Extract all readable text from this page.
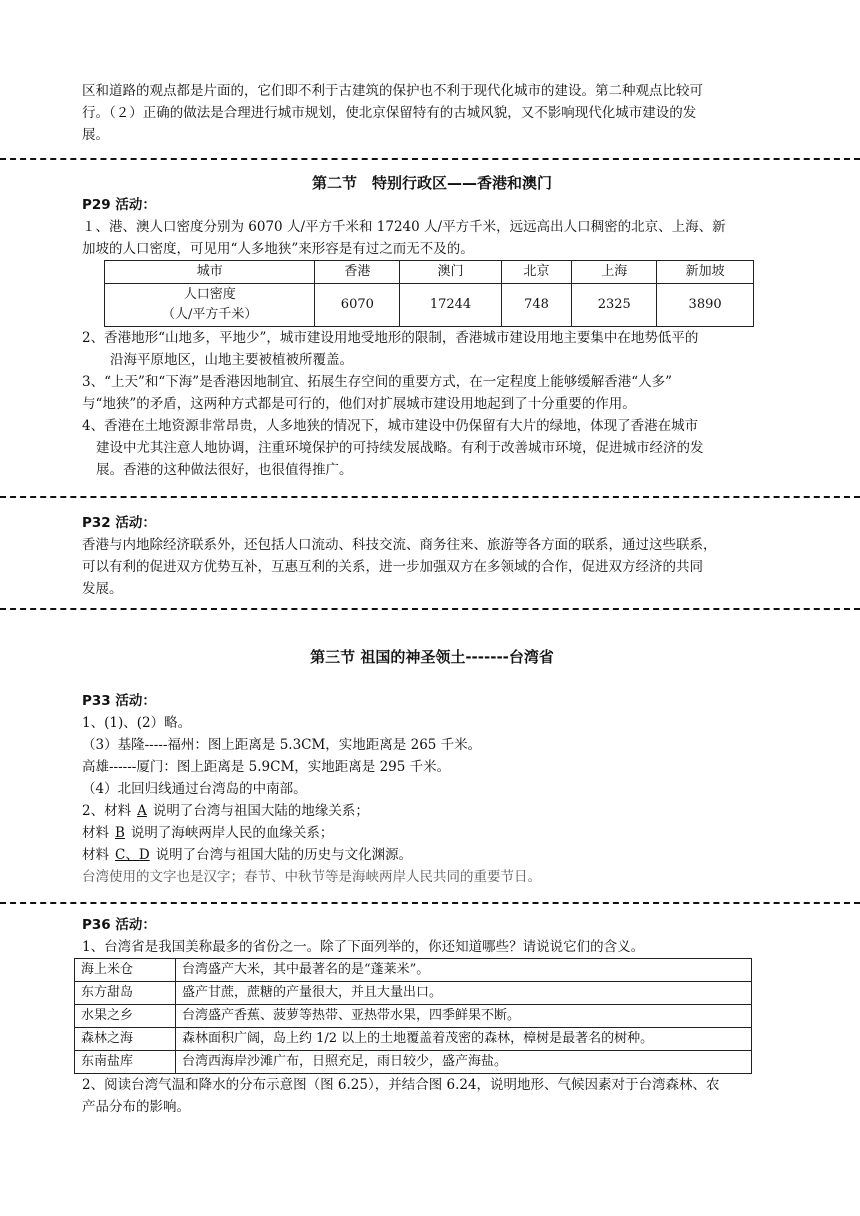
区和道路的观点都是片面的，它们即不利于古建筑的保护也不利于现代化城市的建设。第二种观点比较可

行。（２）正确的做法是合理进行城市规划，使北京保留特有的古城风貌，又不影响现代化城市建设的发

展。

第二节　特别行政区——香港和澳门

P29 活动：

１、港、澳人口密度分别为 6070 人/平方千米和 17240 人/平方千米，远远高出人口稠密的北京、上海、新

加坡的人口密度，可见用“人多地狭”来形容是有过之而无不及的。

城市	香港	澳门	北京	上海	新加坡
人口密度
（人/平方千米）	6070	17244	748	2325	3890

2、香港地形“山地多，平地少”，城市建设用地受地形的限制，香港城市建设用地主要集中在地势低平的

沿海平原地区，山地主要被植被所覆盖。

3、“上天”和“下海”是香港因地制宜、拓展生存空间的重要方式，在一定程度上能够缓解香港“人多”

与“地狭”的矛盾，这两种方式都是可行的，他们对扩展城市建设用地起到了十分重要的作用。

4、香港在土地资源非常昂贵，人多地狭的情况下，城市建设中仍保留有大片的绿地，体现了香港在城市

建设中尤其注意人地协调，注重环境保护的可持续发展战略。有利于改善城市环境，促进城市经济的发

展。香港的这种做法很好，也很值得推广。

P32 活动：

香港与内地除经济联系外，还包括人口流动、科技交流、商务往来、旅游等各方面的联系，通过这些联系，

可以有利的促进双方优势互补，互惠互利的关系，进一步加强双方在多领域的合作，促进双方经济的共同

发展。

第三节 祖国的神圣领土-------台湾省

P33 活动：

1、(1)、(2）略。

（3）基隆-----福州：图上距离是 5.3CM，实地距离是 265 千米。

高雄------厦门：图上距离是 5.9CM，实地距离是 295 千米。

（4）北回归线通过台湾岛的中南部。

2、材料 A 说明了台湾与祖国大陆的地缘关系；

材料 B 说明了海峡两岸人民的血缘关系；

材料 C、D 说明了台湾与祖国大陆的历史与文化渊源。

台湾使用的文字也是汉字；春节、中秋节等是海峡两岸人民共同的重要节日。

P36 活动：

1、台湾省是我国美称最多的省份之一。除了下面列举的，你还知道哪些？请说说它们的含义。

海上米仓	台湾盛产大米，其中最著名的是“蓬莱米”。
东方甜岛	盛产甘蔗，蔗糖的产量很大，并且大量出口。
水果之乡	台湾盛产香蕉、菠萝等热带、亚热带水果，四季鲜果不断。
森林之海	森林面积广阔，岛上约 1/2 以上的土地覆盖着茂密的森林，樟树是最著名的树种。
东南盐库	台湾西海岸沙滩广布，日照充足，雨日较少，盛产海盐。

2、阅读台湾气温和降水的分布示意图（图 6.25），并结合图 6.24，说明地形、气候因素对于台湾森林、农

产品分布的影响。
